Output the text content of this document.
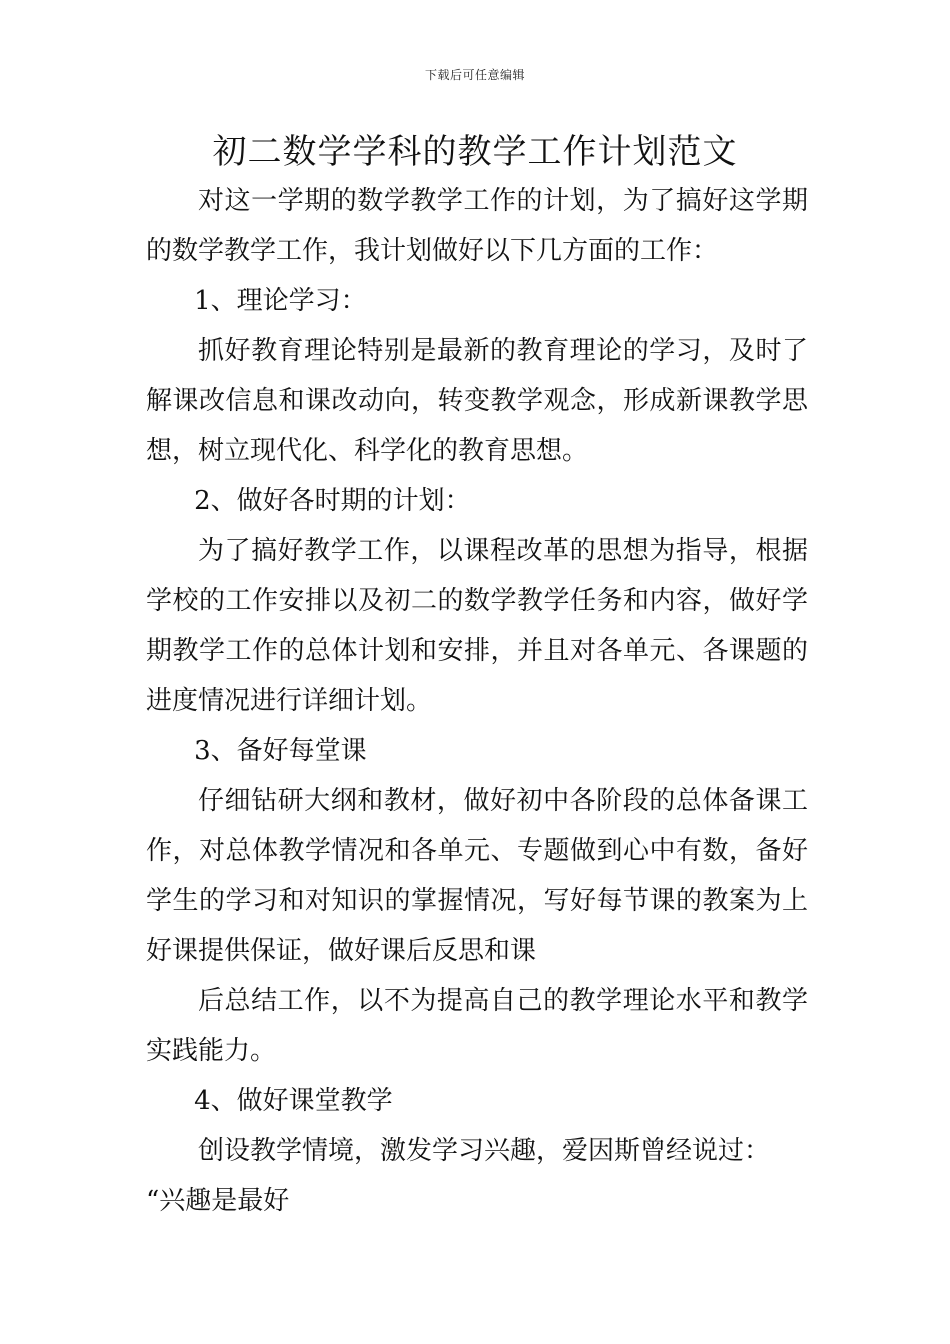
下载后可任意编辑
初二数学学科的教学工作计划范文

对这一学期的数学教学工作的计划，为了搞好这学期的数学教学工作，我计划做好以下几方面的工作：

1、理论学习：

抓好教育理论特别是最新的教育理论的学习，及时了解课改信息和课改动向，转变教学观念，形成新课教学思想，树立现代化、科学化的教育思想。

2、做好各时期的计划：

为了搞好教学工作，以课程改革的思想为指导，根据学校的工作安排以及初二的数学教学任务和内容，做好学期教学工作的总体计划和安排，并且对各单元、各课题的进度情况进行详细计划。

3、备好每堂课

仔细钻研大纲和教材，做好初中各阶段的总体备课工作，对总体教学情况和各单元、专题做到心中有数，备好学生的学习和对知识的掌握情况，写好每节课的教案为上好课提供保证，做好课后反思和课

后总结工作，以不为提高自己的教学理论水平和教学实践能力。

4、做好课堂教学

创设教学情境，激发学习兴趣，爱因斯曾经说过：

“兴趣是最好
